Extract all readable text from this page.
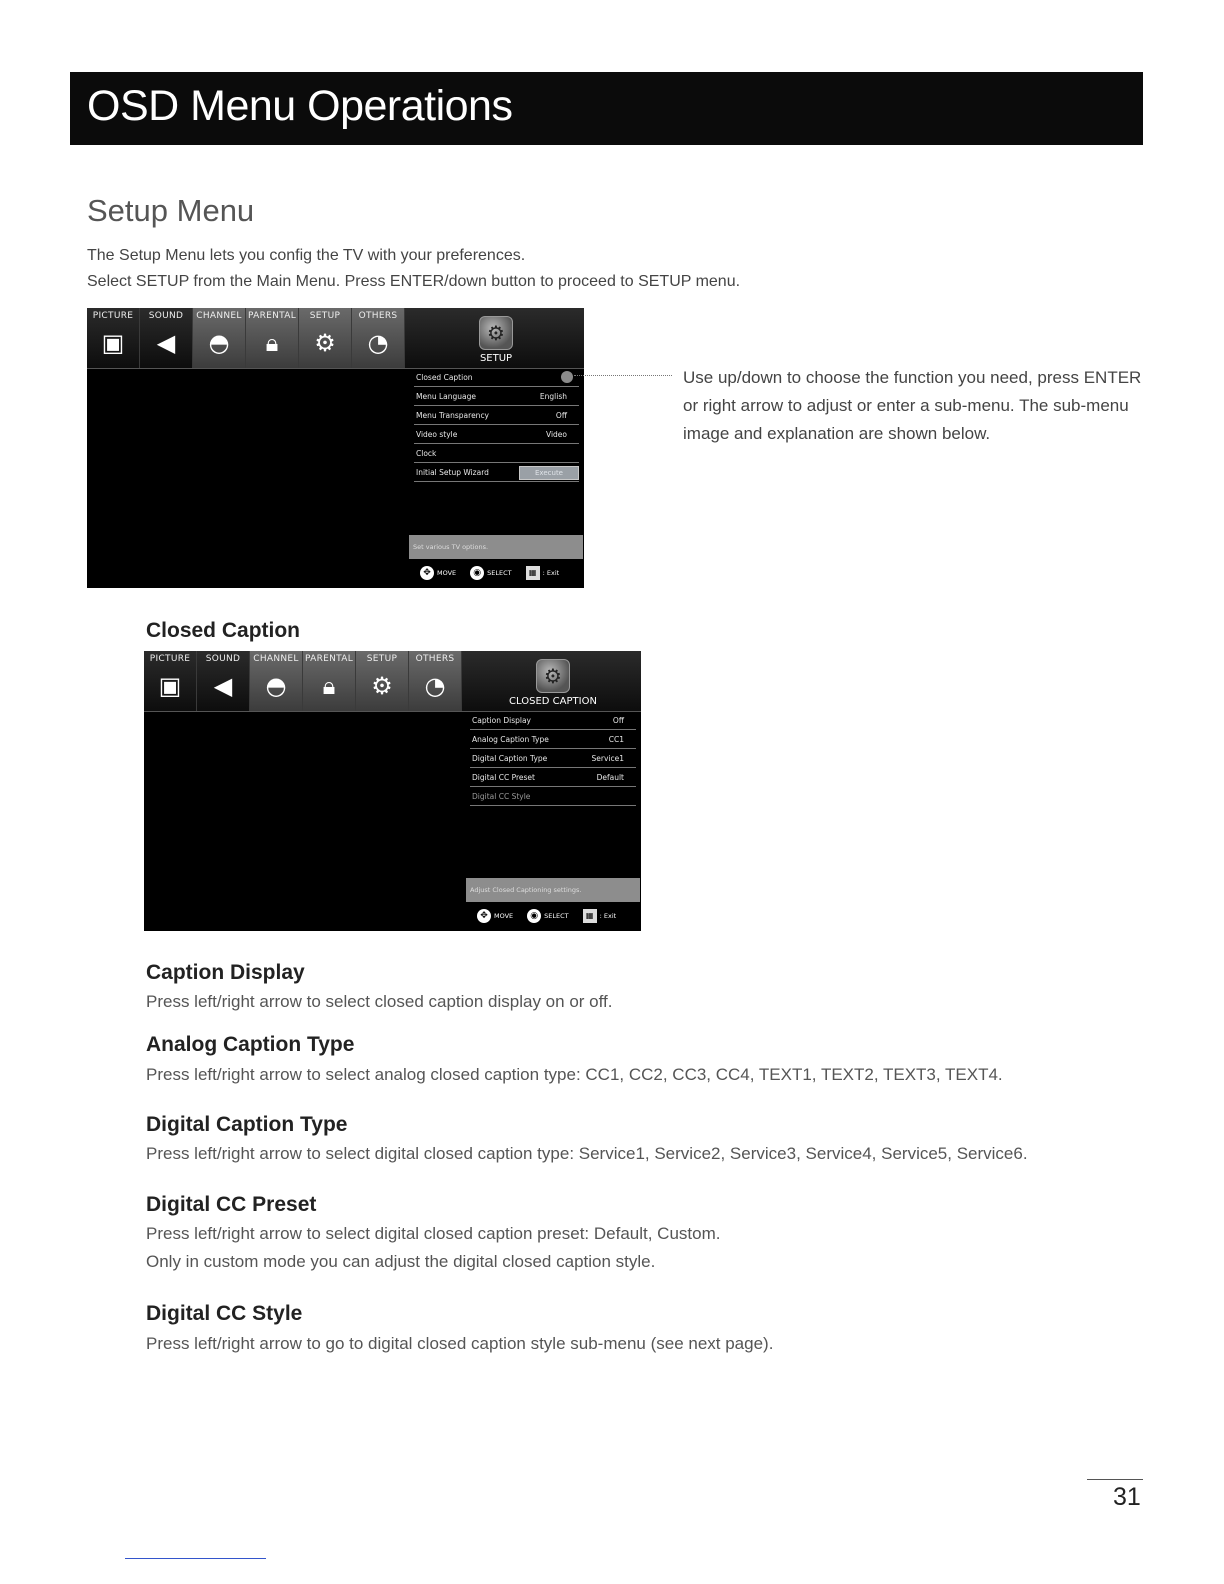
OSD Menu Operations
Setup Menu

The Setup Menu lets you config the TV with your preferences.

Select SETUP from the Main Menu. Press ENTER/down button to proceed to SETUP menu.

PICTURE
▣
SOUND
◀
CHANNEL
◓
PARENTAL
🔒︎
SETUP
⚙
OTHERS
◔	⚙
SETUP
Closed Caption
Menu Language	English
Menu Transparency	Off
Video style	Video
Clock
Initial Setup Wizard	Execute
Set various TV options.
✥ MOVE	◉ SELECT	▦ : Exit
Use up/down to choose the function you need, press ENTER or right arrow to adjust or enter a sub-menu. The sub-menu image and explanation are shown below.
Closed Caption
PICTURE
▣
SOUND
◀
CHANNEL
◓
PARENTAL
🔒︎
SETUP
⚙
OTHERS
◔	⚙
CLOSED CAPTION
Caption Display	Off
Analog Caption Type	CC1
Digital Caption Type	Service1
Digital CC Preset	Default
Digital CC Style
Adjust Closed Captioning settings.
✥ MOVE	◉ SELECT	▦ : Exit
Caption Display

Press left/right arrow to select closed caption display on or off.

Analog Caption Type

Press left/right arrow to select analog closed caption type: CC1, CC2, CC3, CC4, TEXT1, TEXT2, TEXT3, TEXT4.

Digital Caption Type

Press left/right arrow to select digital closed caption type: Service1, Service2, Service3, Service4, Service5, Service6.

Digital CC Preset

Press left/right arrow to select digital closed caption preset: Default, Custom.

Only in custom mode you can adjust the digital closed caption style.

Digital CC Style

Press left/right arrow to go to digital closed caption style sub-menu (see next page).

31
